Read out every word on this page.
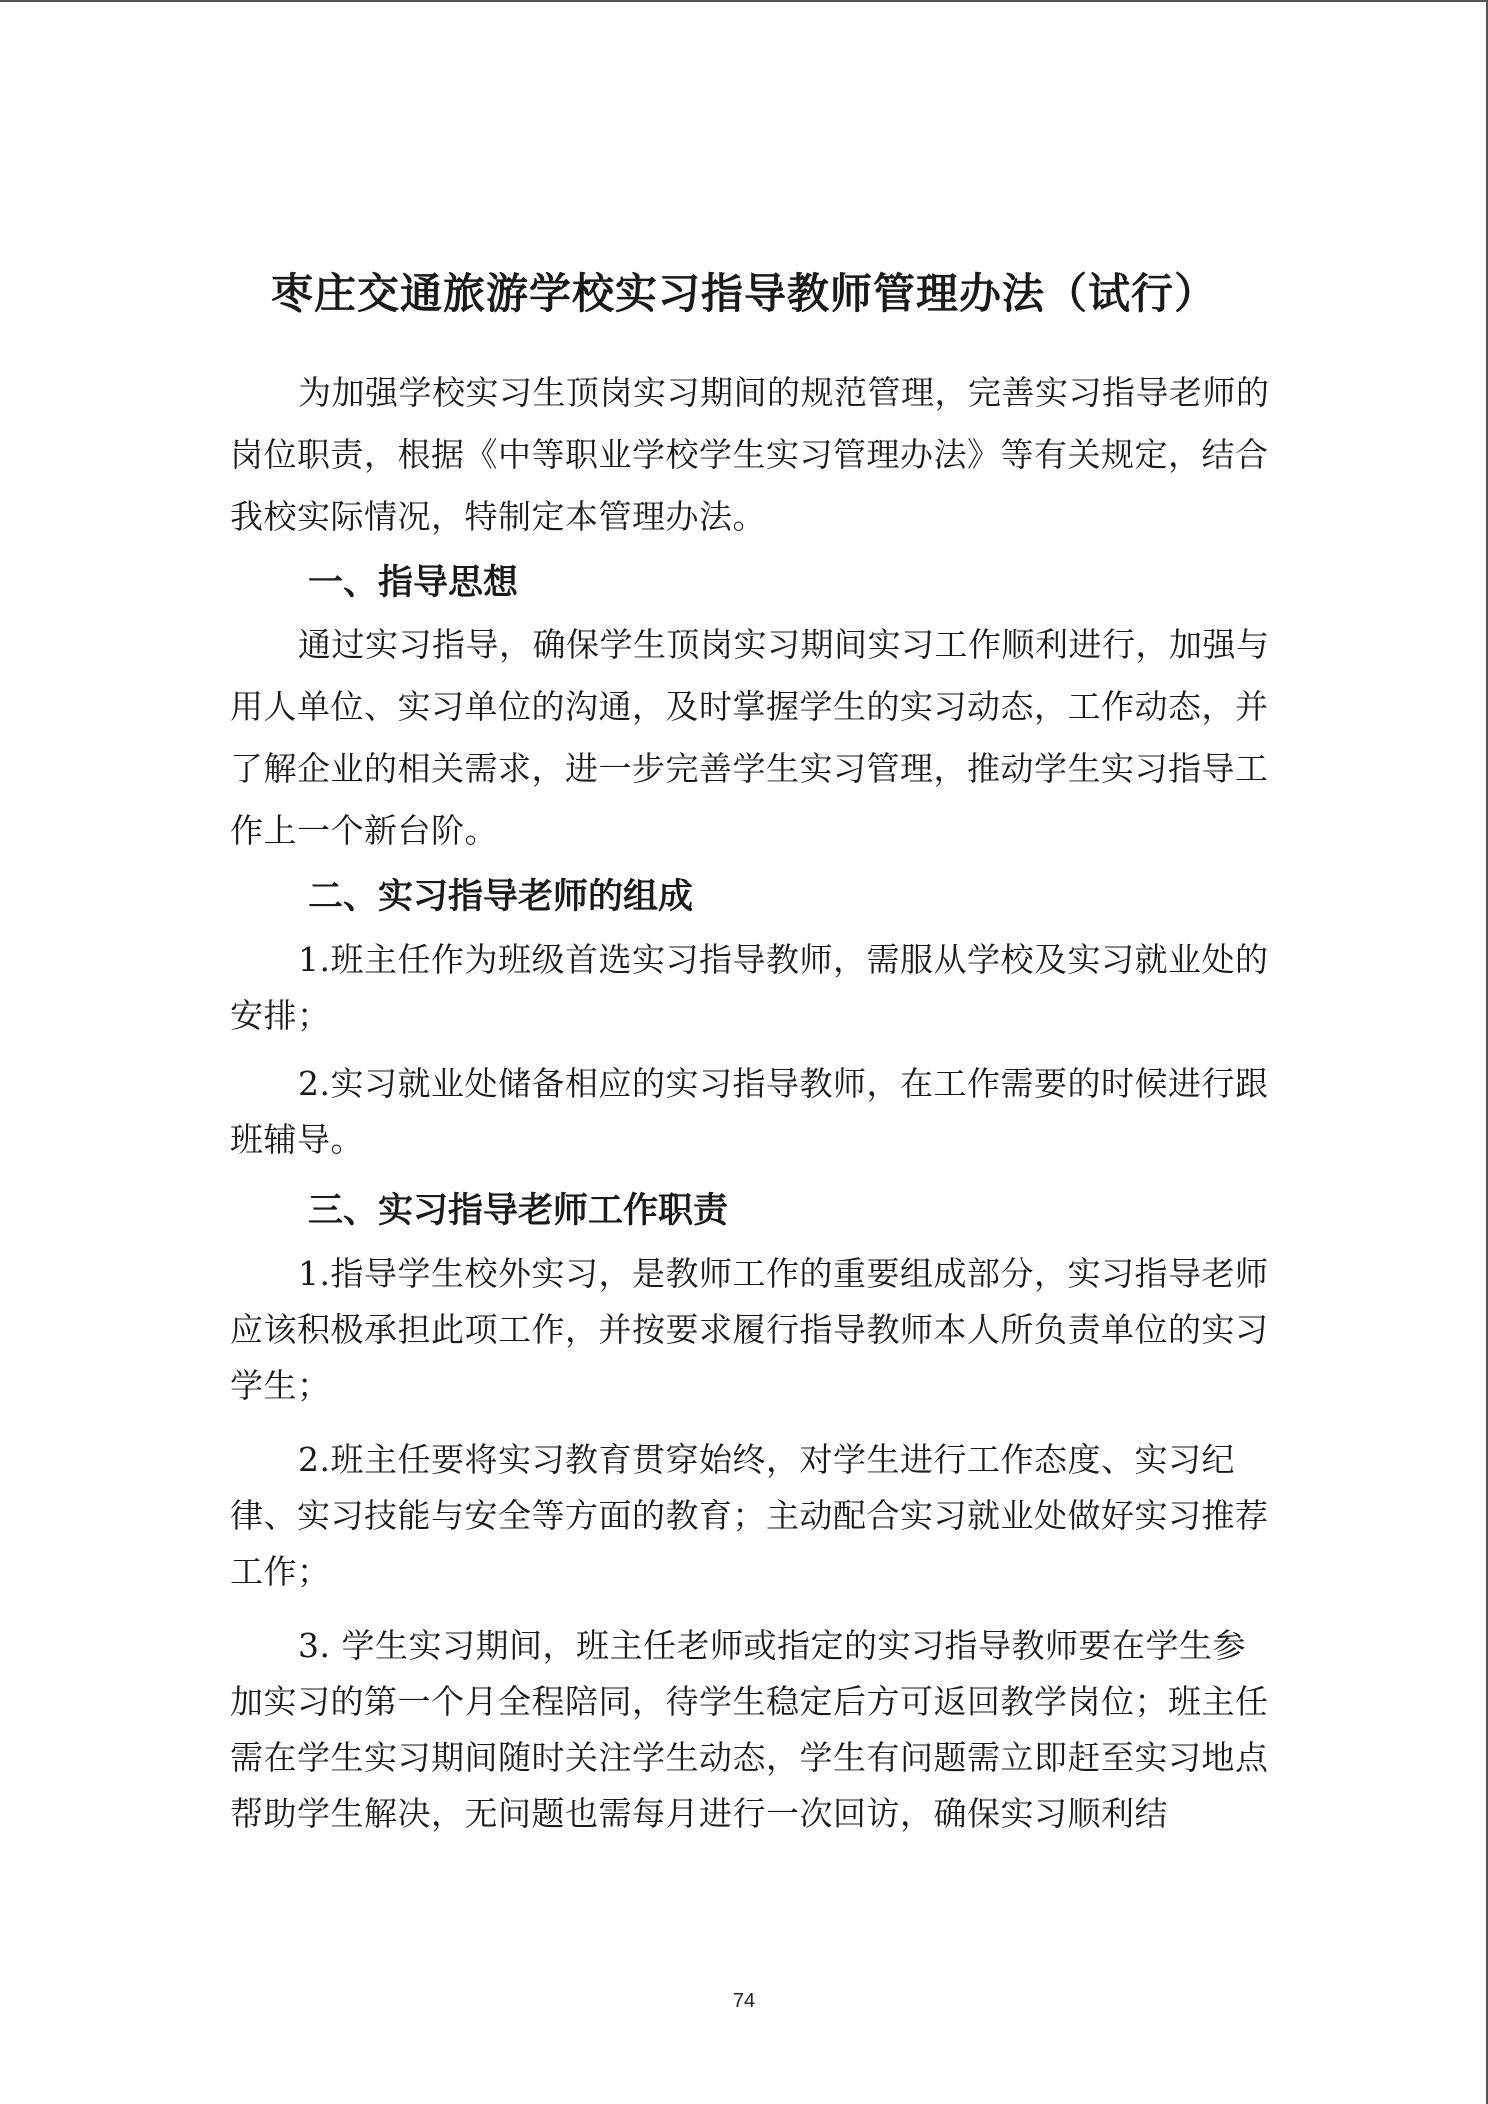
枣庄交通旅游学校实习指导教师管理办法（试行）

为加强学校实习生顶岗实习期间的规范管理，完善实习指导老师的岗位职责，根据《中等职业学校学生实习管理办法》等有关规定，结合我校实际情况，特制定本管理办法。

一、指导思想

通过实习指导，确保学生顶岗实习期间实习工作顺利进行，加强与用人单位、实习单位的沟通，及时掌握学生的实习动态，工作动态，并了解企业的相关需求，进一步完善学生实习管理，推动学生实习指导工作上一个新台阶。

二、实习指导老师的组成

1.班主任作为班级首选实习指导教师，需服从学校及实习就业处的安排；

2.实习就业处储备相应的实习指导教师，在工作需要的时候进行跟班辅导。

三、实习指导老师工作职责

1.指导学生校外实习，是教师工作的重要组成部分，实习指导老师应该积极承担此项工作，并按要求履行指导教师本人所负责单位的实习学生；

2.班主任要将实习教育贯穿始终，对学生进行工作态度、实习纪律、实习技能与安全等方面的教育；主动配合实习就业处做好实习推荐工作；

3. 学生实习期间，班主任老师或指定的实习指导教师要在学生参加实习的第一个月全程陪同，待学生稳定后方可返回教学岗位；班主任需在学生实习期间随时关注学生动态，学生有问题需立即赶至实习地点帮助学生解决，无问题也需每月进行一次回访，确保实习顺利结

74
